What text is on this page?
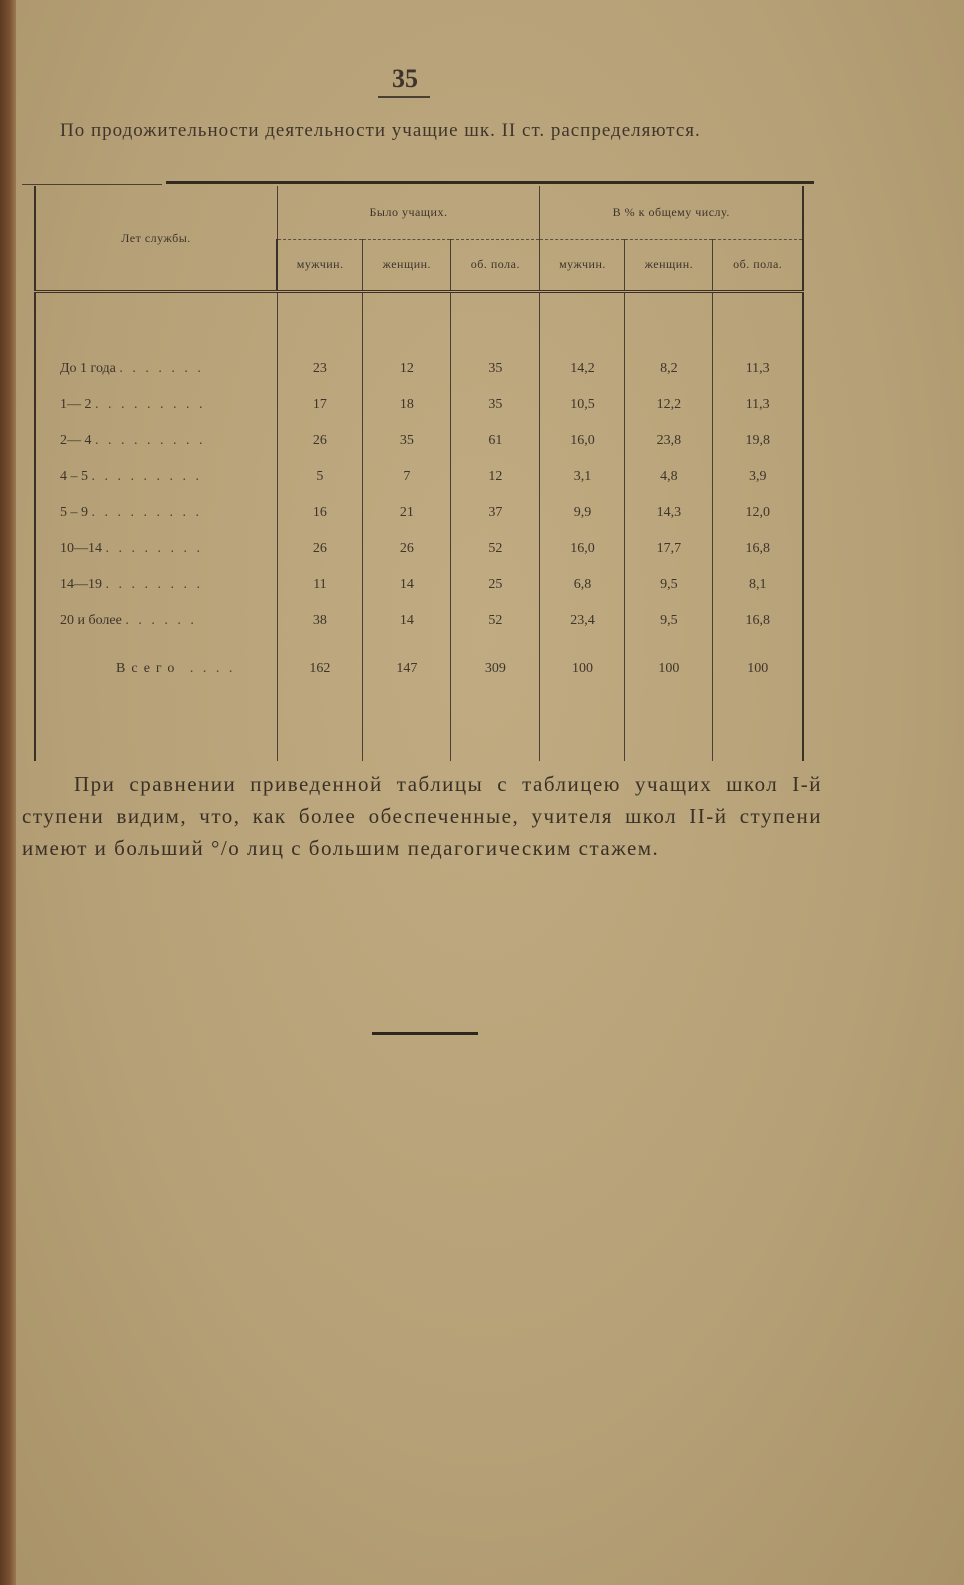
35
По продожительности деятельности учащие шк. II ст. распределяются.
Лет службы.	Было учащих.			В % к общему числу.		
	мужчин.	женщин.	об. пола.	мужчин.	женщин.	об. пола.

До 1 года . . . . . . .	23	12	35	14,2	8,2	11,3
1— 2 . . . . . . . . .	17	18	35	10,5	12,2	11,3
2— 4 . . . . . . . . .	26	35	61	16,0	23,8	19,8
4 – 5 . . . . . . . . .	5	7	12	3,1	4,8	3,9
5 – 9 . . . . . . . . .	16	21	37	9,9	14,3	12,0
10—14 . . . . . . . .	26	26	52	16,0	17,7	16,8
14—19 . . . . . . . .	11	14	25	6,8	9,5	8,1
20 и более . . . . . .	38	14	52	23,4	9,5	16,8
Всего . . . .	162	147	309	100	100	100

При сравнении приведенной таблицы с таблицею учащих школ I-й ступени видим, что, как более обеспеченные, учителя школ II-й ступени имеют и больший °/о лиц с большим педагогическим стажем.
